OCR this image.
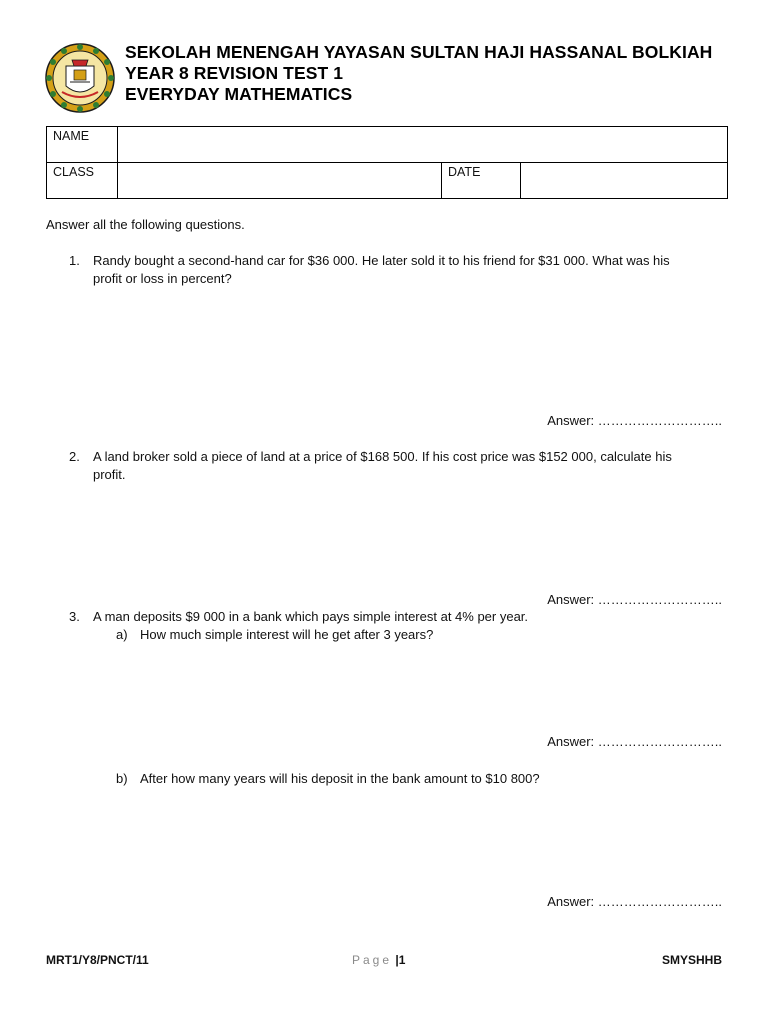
SEKOLAH MENENGAH YAYASAN SULTAN HAJI HASSANAL BOLKIAH
YEAR 8 REVISION TEST 1
EVERYDAY MATHEMATICS
NAME			
CLASS		DATE	
Answer all the following questions.
1. Randy bought a second-hand car for $36 000. He later sold it to his friend for $31 000. What was his
profit or loss in percent?
Answer: ………………………..
2. A land broker sold a piece of land at a price of $168 500. If his cost price was $152 000, calculate his
profit.
Answer: ………………………..
3. A man deposits $9 000 in a bank which pays simple interest at 4% per year.
a) How much simple interest will he get after 3 years?
Answer: ………………………..
b) After how many years will his deposit in the bank amount to $10 800?
Answer: ………………………..
MRT1/Y8/PNCT/11	Page |1	SMYSHHB
